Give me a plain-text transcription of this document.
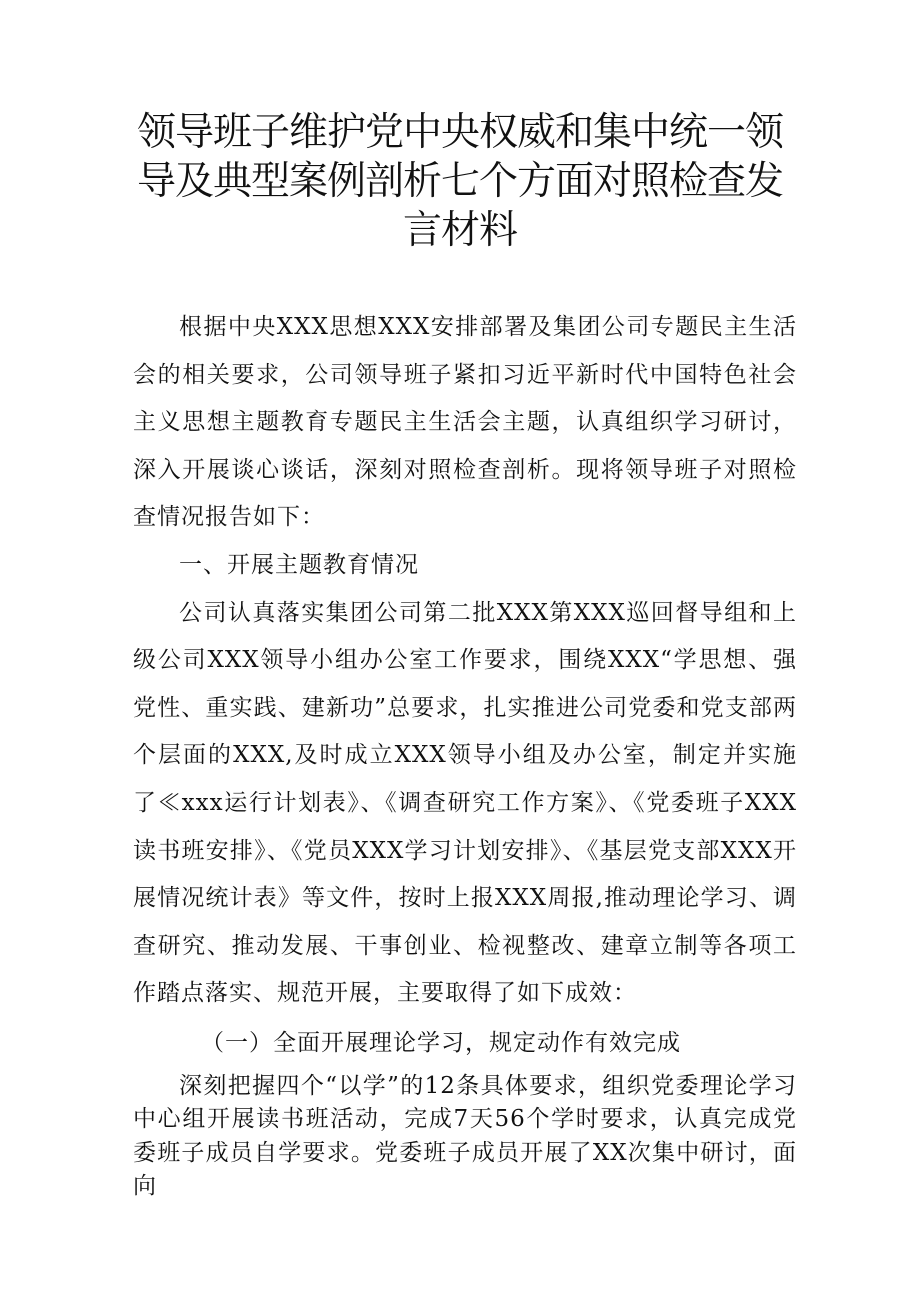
领导班子维护党中央权威和集中统一领导及典型案例剖析七个方面对照检查发言材料

根据中央XXX思想XXX安排部署及集团公司专题民主生活会的相关要求，公司领导班子紧扣习近平新时代中国特色社会主义思想主题教育专题民主生活会主题，认真组织学习研讨，深入开展谈心谈话，深刻对照检查剖析。现将领导班子对照检查情况报告如下：

一、开展主题教育情况

公司认真落实集团公司第二批XXX第XXX巡回督导组和上级公司XXX领导小组办公室工作要求，围绕XXX“学思想、强党性、重实践、建新功”总要求，扎实推进公司党委和党支部两个层面的XXX,及时成立XXX领导小组及办公室，制定并实施了≪xxx运行计划表》、《调查研究工作方案》、《党委班子XXX读书班安排》、《党员XXX学习计划安排》、《基层党支部XXX开展情况统计表》等文件，按时上报XXX周报,推动理论学习、调查研究、推动发展、干事创业、检视整改、建章立制等各项工作踏点落实、规范开展，主要取得了如下成效：

（一）全面开展理论学习，规定动作有效完成

深刻把握四个“以学”的12条具体要求，组织党委理论学习中心组开展读书班活动，完成7天56个学时要求，认真完成党委班子成员自学要求。党委班子成员开展了XX次集中研讨，面向
